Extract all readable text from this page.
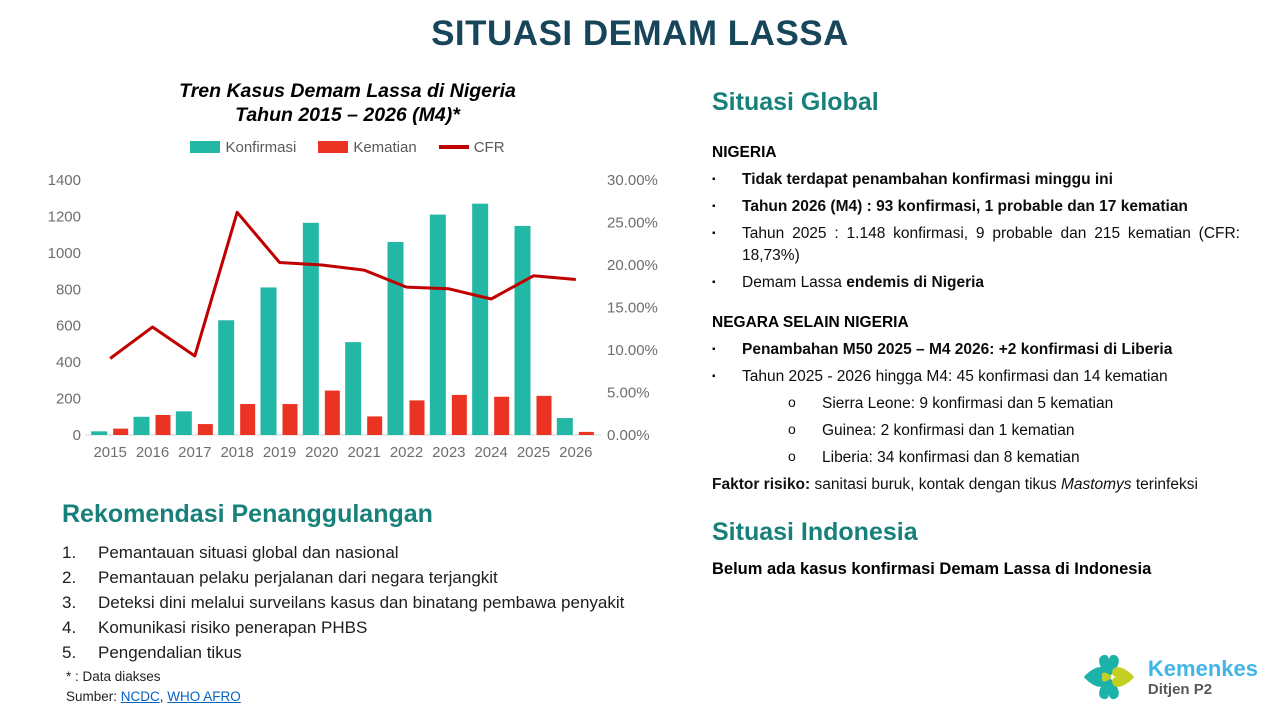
SITUASI DEMAM LASSA
Tren Kasus Demam Lassa di Nigeria
Tahun 2015 – 2026 (M4)*
Konfirmasi	Kematian	CFR
0
200
400
600
800
1000
1200
1400
0.00%
5.00%
10.00%
15.00%
20.00%
25.00%
30.00%
2015 2016 2017 2018 2019 2020 2021 2022 2023 2024 2025 2026
Rekomendasi Penanggulangan
1.	Pemantauan situasi global dan nasional
2.	Pemantauan pelaku perjalanan dari negara terjangkit
3.	Deteksi dini melalui surveilans kasus dan binatang pembawa penyakit
4.	Komunikasi risiko penerapan PHBS
5.	Pengendalian tikus
* : Data diakses
Sumber: NCDC, WHO AFRO
Situasi Global
NIGERIA
▪	Tidak terdapat penambahan konfirmasi minggu ini
▪	Tahun 2026 (M4) : 93 konfirmasi, 1 probable dan 17 kematian
▪	Tahun 2025 : 1.148 konfirmasi, 9 probable dan 215 kematian (CFR: 18,73%)
▪	Demam Lassa endemis di Nigeria
NEGARA SELAIN NIGERIA
▪	Penambahan M50 2025 – M4 2026: +2 konfirmasi di Liberia
▪	Tahun 2025 - 2026 hingga M4: 45 konfirmasi dan 14 kematian
o	Sierra Leone: 9 konfirmasi dan 5 kematian
o	Guinea: 2 konfirmasi dan 1 kematian
o	Liberia: 34 konfirmasi dan 8 kematian

Faktor risiko: sanitasi buruk, kontak dengan tikus Mastomys terinfeksi

Situasi Indonesia

Belum ada kasus konfirmasi Demam Lassa di Indonesia

Kemenkes
Ditjen P2
